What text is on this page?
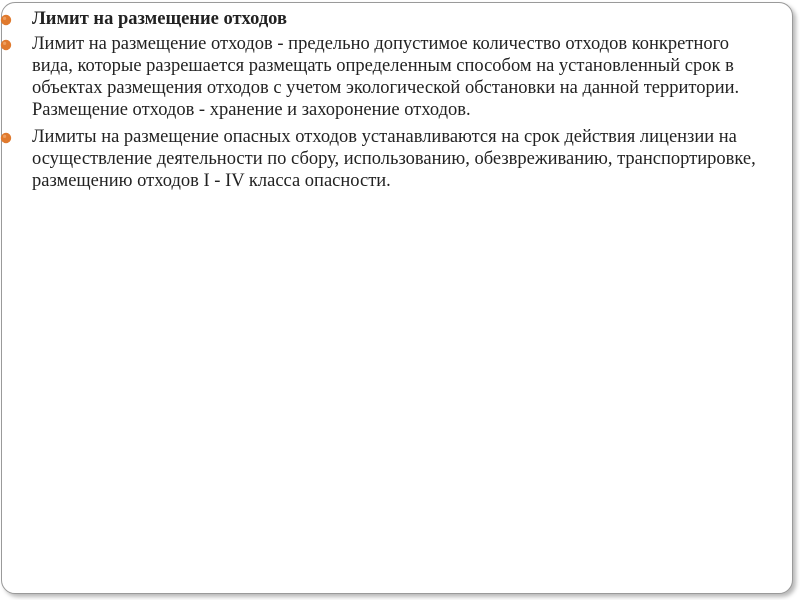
Лимит на размещение отходов
Лимит на размещение отходов - предельно допустимое количество отходов конкретного вида, которые разрешается размещать определенным способом на установленный срок в объектах размещения отходов с учетом экологической обстановки на данной территории. Размещение отходов - хранение и захоронение отходов.
Лимиты на размещение опасных отходов устанавливаются на срок действия лицензии на осуществление деятельности по сбору, использованию, обезвреживанию, транспортировке, размещению отходов I - IV класса опасности.
